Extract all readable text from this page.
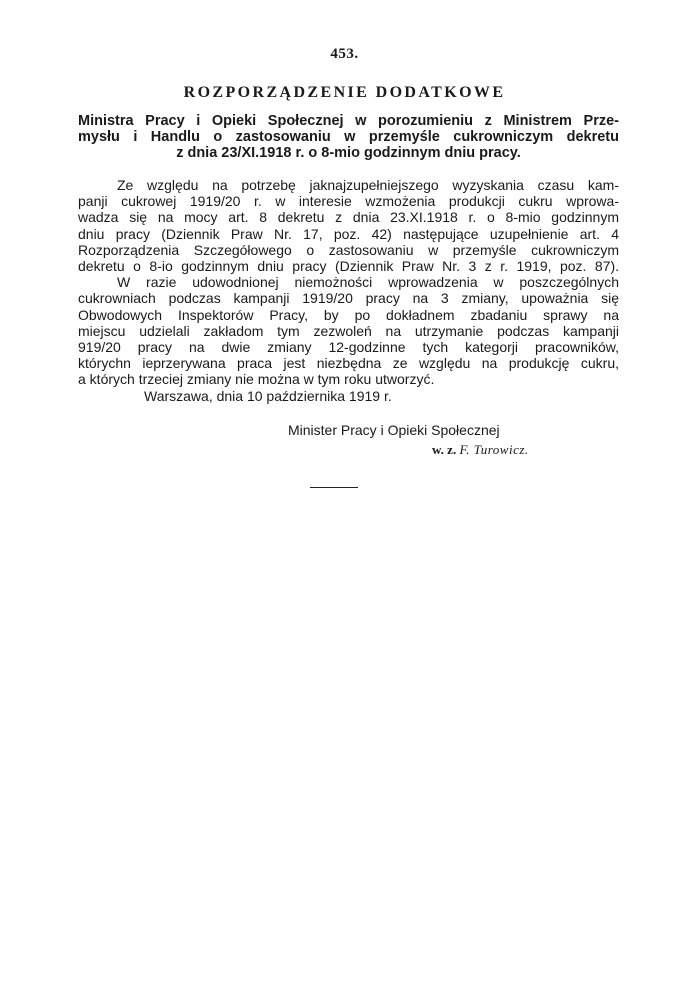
453.
ROZPORZĄDZENIE DODATKOWE
Ministra Pracy i Opieki Społecznej w porozumieniu z Ministrem Prze-
mysłu i Handlu o zastosowaniu w przemyśle cukrowniczym dekretu
z dnia 23/XI.1918 r. o 8-mio godzinnym dniu pracy.
Ze względu na potrzebę jaknajzupełniejszego wyzyskania czasu kam-
panji cukrowej 1919/20 r. w interesie wzmożenia produkcji cukru wprowa-
wadza się na mocy art. 8 dekretu z dnia 23.XI.1918 r. o 8-mio godzinnym
dniu pracy (Dziennik Praw Nr. 17, poz. 42) następujące uzupełnienie art. 4
Rozporządzenia Szczegółowego o zastosowaniu w przemyśle cukrowniczym
dekretu o 8-io godzinnym dniu pracy (Dziennik Praw Nr. 3 z r. 1919, poz. 87).
W razie udowodnionej niemożności wprowadzenia w poszczególnych
cukrowniach podczas kampanji 1919/20 pracy na 3 zmiany, upoważnia się
Obwodowych Inspektorów Pracy, by po dokładnem zbadaniu sprawy na
miejscu udzielali zakładom tym zezwoleń na utrzymanie podczas kampanji
919/20 pracy na dwie zmiany 12-godzinne tych kategorji pracowników,
którychn ieprzerywana praca jest niezbędna ze względu na produkcję cukru,
a których trzeciej zmiany nie można w tym roku utworzyć.
Warszawa, dnia 10 października 1919 r.
Minister Pracy i Opieki Społecznej
w. z. F. Turowicz.
